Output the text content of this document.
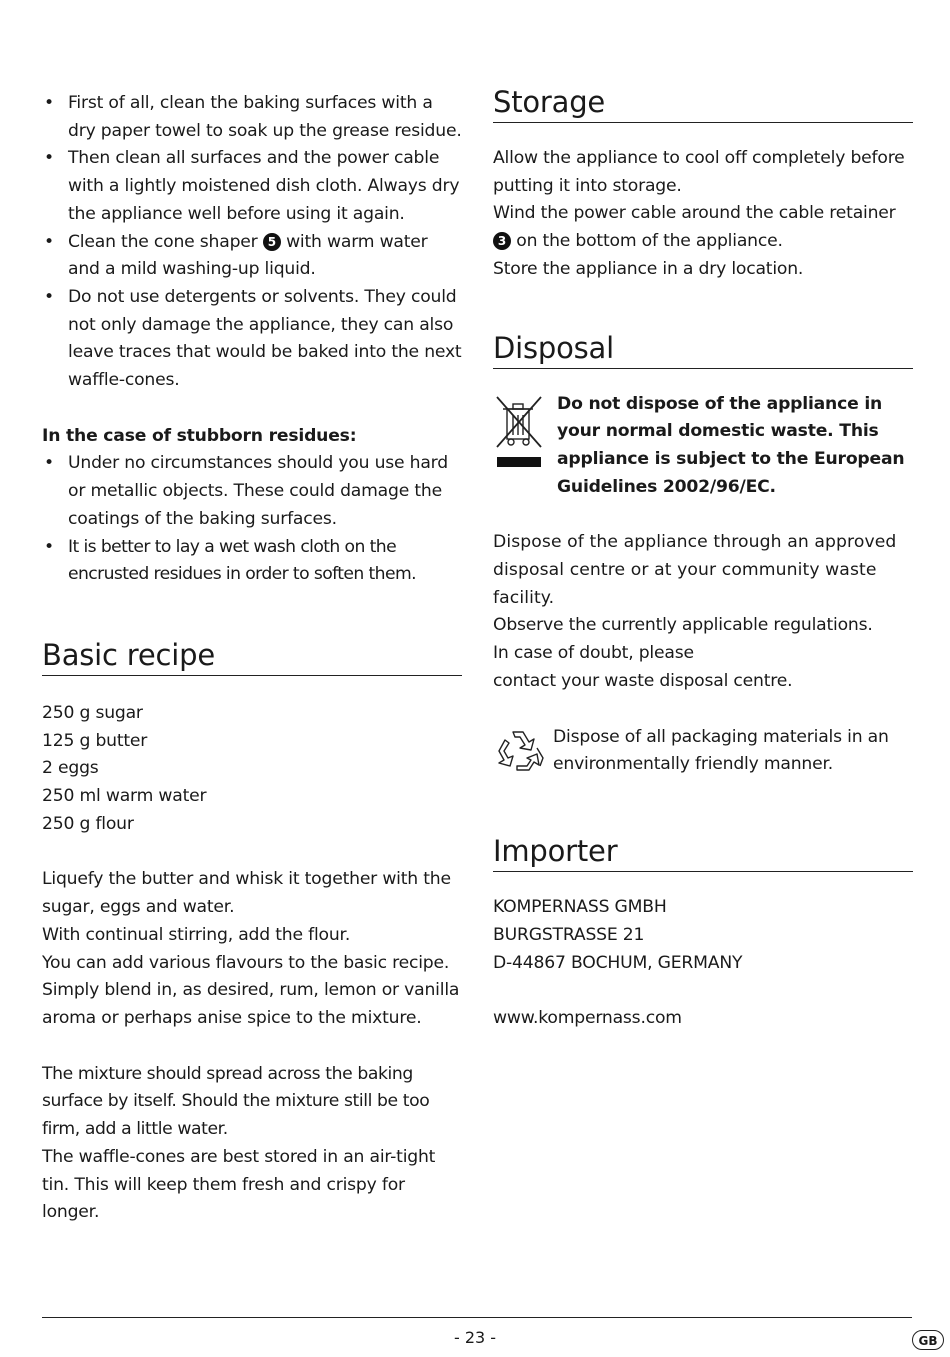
• First of all, clean the baking surfaces with a dry paper towel to soak up the grease residue.
• Then clean all surfaces and the power cable with a lightly moistened dish cloth. Always dry the appliance well before using it again.
• Clean the cone shaper 5 with warm water and a mild washing-up liquid.
• Do not use detergents or solvents. They could not only damage the appliance, they can also leave traces that would be baked into the next waffle-cones.
In the case of stubborn residues:
• Under no circumstances should you use hard or metallic objects. These could damage the coatings of the baking surfaces.
• It is better to lay a wet wash cloth on the encrusted residues in order to soften them.
Basic recipe
250 g sugar
125 g butter
2 eggs
250 ml warm water
250 g flour

Liquefy the butter and whisk it together with the sugar, eggs and water.

With continual stirring, add the flour.

You can add various flavours to the basic recipe. Simply blend in, as desired, rum, lemon or vanilla aroma or perhaps anise spice to the mixture.

The mixture should spread across the baking surface by itself. Should the mixture still be too firm, add a little water.

The waffle-cones are best stored in an air-tight tin. This will keep them fresh and crispy for longer.

Storage

Allow the appliance to cool off completely before putting it into storage.

Wind the power cable around the cable retainer 3 on the bottom of the appliance.

Store the appliance in a dry location.

Disposal
Do not dispose of the appliance in your normal domestic waste. This appliance is subject to the European Guidelines 2002/96/EC.

Dispose of the appliance through an approved disposal centre or at your community waste facility.

Observe the currently applicable regulations.

In case of doubt, please

contact your waste disposal centre.

Dispose of all packaging materials in an environmentally friendly manner.
Importer
KOMPERNASS GMBH
BURGSTRASSE 21
D-44867 BOCHUM, GERMANY
www.kompernass.com
- 23 -	GB
